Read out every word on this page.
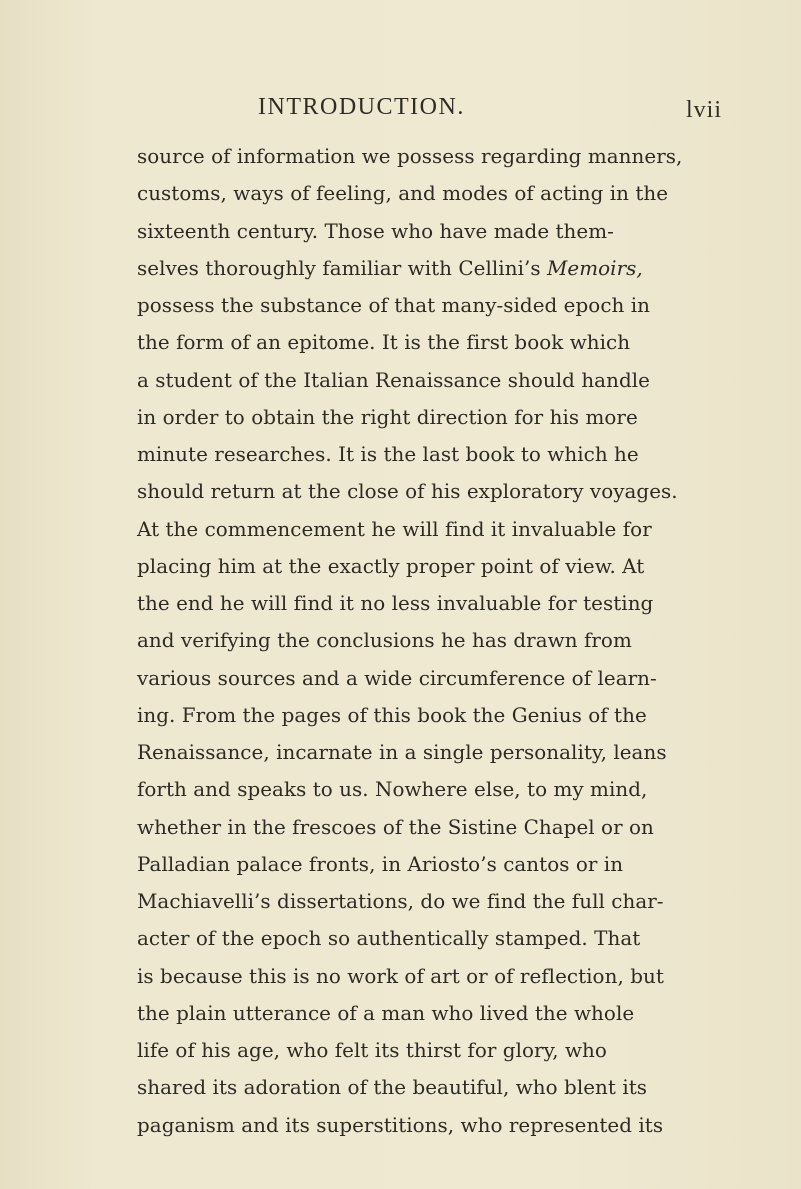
INTRODUCTION.	lvii
source of information we possess regarding manners,
customs, ways of feeling, and modes of acting in the
sixteenth century. Those who have made them-
selves thoroughly familiar with Cellini’s Memoirs,
possess the substance of that many-sided epoch in
the form of an epitome. It is the first book which
a student of the Italian Renaissance should handle
in order to obtain the right direction for his more
minute researches. It is the last book to which he
should return at the close of his exploratory voyages.
At the commencement he will find it invaluable for
placing him at the exactly proper point of view. At
the end he will find it no less invaluable for testing
and verifying the conclusions he has drawn from
various sources and a wide circumference of learn-
ing. From the pages of this book the Genius of the
Renaissance, incarnate in a single personality, leans
forth and speaks to us. Nowhere else, to my mind,
whether in the frescoes of the Sistine Chapel or on
Palladian palace fronts, in Ariosto’s cantos or in
Machiavelli’s dissertations, do we find the full char-
acter of the epoch so authentically stamped. That
is because this is no work of art or of reflection, but
the plain utterance of a man who lived the whole
life of his age, who felt its thirst for glory, who
shared its adoration of the beautiful, who blent its
paganism and its superstitions, who represented its
